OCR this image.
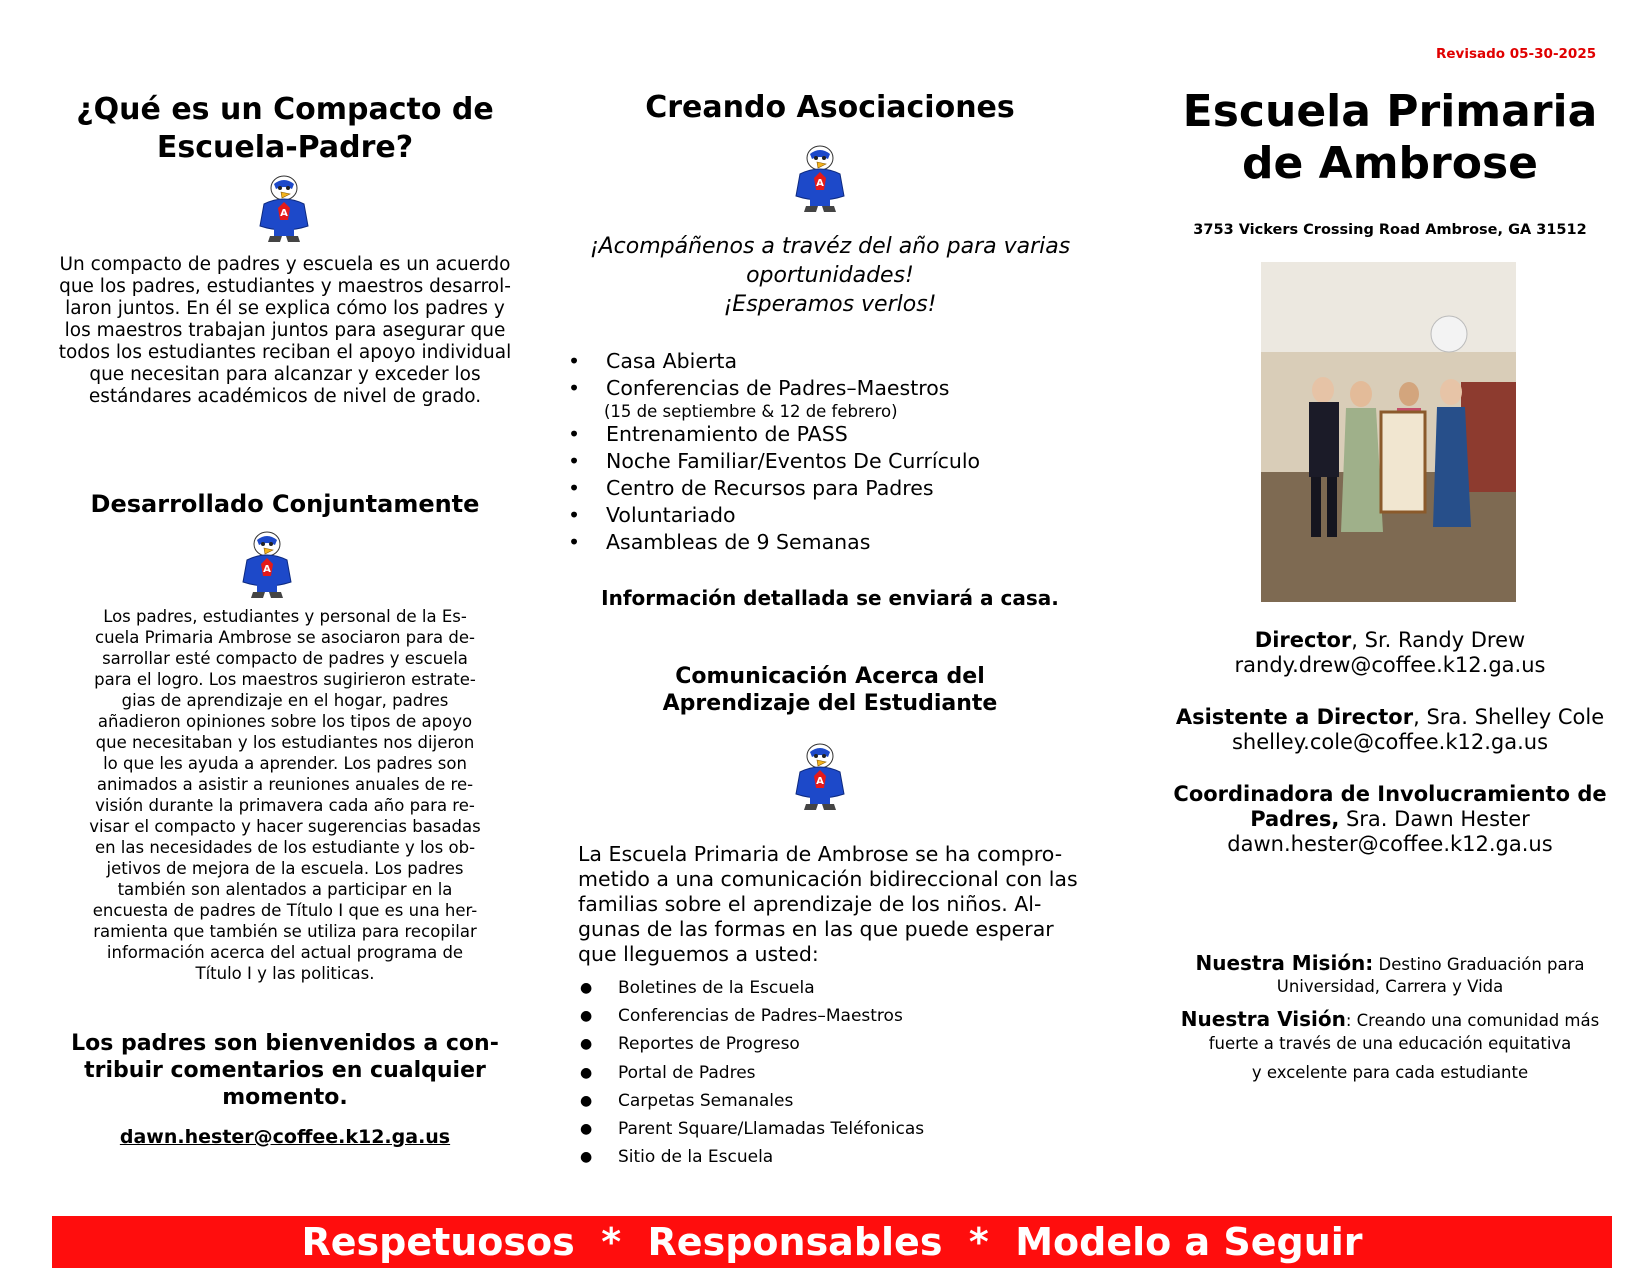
Revisado 05-30-2025
¿Qué es un Compacto de
Escuela-Padre?
Un compacto de padres y escuela es un acuerdo
que los padres, estudiantes y maestros desarrol-
laron juntos. En él se explica cómo los padres y
los maestros trabajan juntos para asegurar que
todos los estudiantes reciban el apoyo individual
que necesitan para alcanzar y exceder los
estándares académicos de nivel de grado.
Desarrollado Conjuntamente
Los padres, estudiantes y personal de la Es-
cuela Primaria Ambrose se asociaron para de-
sarrollar esté compacto de padres y escuela
para el logro. Los maestros sugirieron estrate-
gias de aprendizaje en el hogar, padres
añadieron opiniones sobre los tipos de apoyo
que necesitaban y los estudiantes nos dijeron
lo que les ayuda a aprender. Los padres son
animados a asistir a reuniones anuales de re-
visión durante la primavera cada año para re-
visar el compacto y hacer sugerencias basadas
en las necesidades de los estudiante y los ob-
jetivos de mejora de la escuela. Los padres
también son alentados a participar en la
encuesta de padres de Título I que es una her-
ramienta que también se utiliza para recopilar
información acerca del actual programa de
Título I y las politicas.
Los padres son bienvenidos a con-
tribuir comentarios en cualquier
momento.
dawn.hester@coffee.k12.ga.us
Creando Asociaciones
¡Acompáñenos a travéz del año para varias
oportunidades!
¡Esperamos verlos!
• Casa Abierta
• Conferencias de Padres–Maestros
(15 de septiembre & 12 de febrero)
• Entrenamiento de PASS
• Noche Familiar/Eventos De Currículo
• Centro de Recursos para Padres
• Voluntariado
• Asambleas de 9 Semanas
Información detallada se enviará a casa.
Comunicación Acerca del
Aprendizaje del Estudiante
La Escuela Primaria de Ambrose se ha compro-
metido a una comunicación bidireccional con las
familias sobre el aprendizaje de los niños. Al-
gunas de las formas en las que puede esperar
que lleguemos a usted:
● Boletines de la Escuela
● Conferencias de Padres–Maestros
● Reportes de Progreso
● Portal de Padres
● Carpetas Semanales
● Parent Square/Llamadas Teléfonicas
● Sitio de la Escuela
Escuela Primaria
de Ambrose
3753 Vickers Crossing Road Ambrose, GA 31512
Director, Sr. Randy Drew
randy.drew@coffee.k12.ga.us
Asistente a Director, Sra. Shelley Cole
shelley.cole@coffee.k12.ga.us
Coordinadora de Involucramiento de
Padres, Sra. Dawn Hester
dawn.hester@coffee.k12.ga.us
Nuestra Misión: Destino Graduación para
Universidad, Carrera y Vida
Nuestra Visión: Creando una comunidad más
fuerte a través de una educación equitativa
y excelente para cada estudiante
Respetuosos  *  Responsables  *  Modelo a Seguir
